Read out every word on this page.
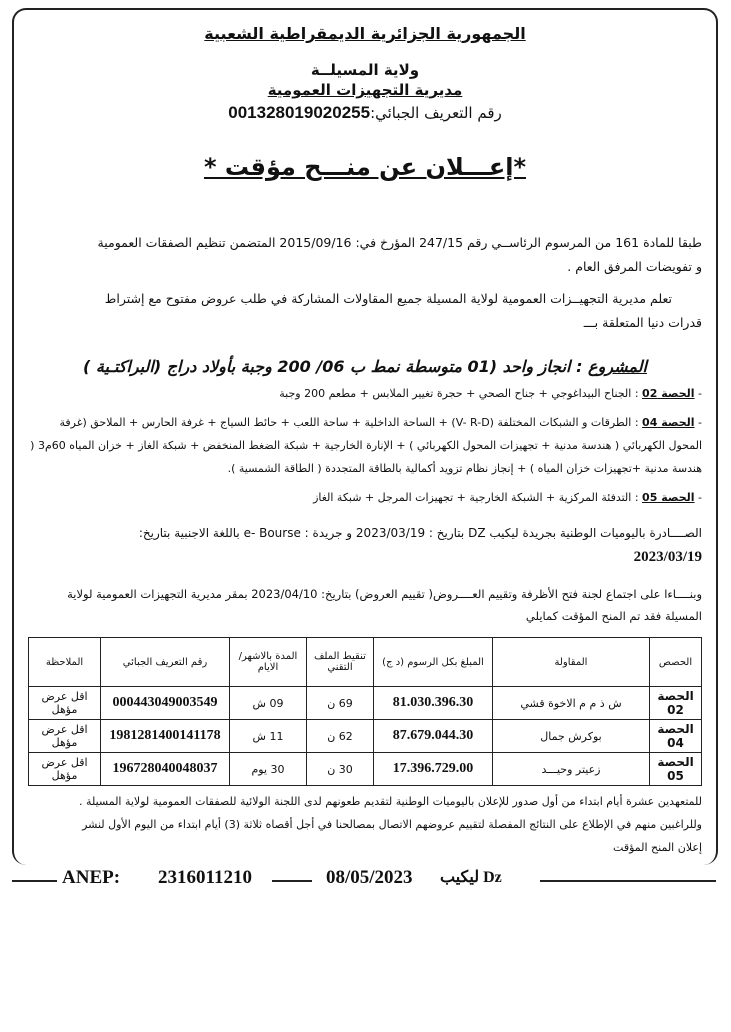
الجمهورية الجزائرية الديمقراطية الشعبية
ولاية المسيلــة
مديرية التجهيزات العمومية
رقم التعريف الجبائي:001328019020255
*إعـــلان عن منـــح مؤقت *
طبقا للمادة 161 من المرسوم الرئاســي رقم 247/15 المؤرخ في: 2015/09/16 المتضمن تنظيم الصفقات العمومية
و تفويضات المرفق العام .
تعلم مديرية التجهيــزات العمومية لولاية المسيلة جميع المقاولات المشاركة في طلب عروض مفتوح مع إشتراط
قدرات دنيا المتعلقة بـــ
المشروع : انجاز واحد (01 متوسطة نمط ب 06/ 200 وجبة بأولاد دراج (البراكتـية )
- الحصة 02 : الجناح البيداغوجي + جناح الصحي + حجرة تغيير الملابس + مطعم 200 وجبة
- الحصة 04 : الطرقات و الشبكات المختلفة (V- R-D) + الساحة الداخلية + ساحة اللعب + حائط السياج + غرفة الحارس + الملاحق (غرفة المحول الكهربائي ( هندسة مدنية + تجهيزات المحول الكهربائي ) + الإنارة الخارجية + شبكة الضغط المنخفض + شبكة الغاز + خزان المياه 60م3 ( هندسة مدنية +تجهيزات خزان المياه ) + إنجاز نظام تزويد أكمالية بالطاقة المتجددة ( الطاقة الشمسية ).
- الحصة 05 : التدفئة المركزية + الشبكة الخارجية + تجهيزات المرجل + شبكة الغاز
الصــــادرة باليوميات الوطنية بجريدة ليكيب DZ بتاريخ : 2023/03/19 و جريدة : e- Bourse باللغة الاجنبية بتاريخ:
2023/03/19
وبنــــاءا على اجتماع لجنة فتح الأظرفة وتقييم العــــروض( تقييم العروض) بتاريخ: 2023/04/10 بمقر مديرية التجهيزات العمومية لولاية
المسيلة فقد تم المنح المؤقت كمايلي
الحصص	المقاولة	المبلغ بكل الرسوم (د ج)	تنقيط الملف التقني	المدة بالاشهر/ الايام	رقم التعريف الجبائي	الملاحظة
الحصة 02	ش ذ م م الاخوة قشي	81.030.396.30	69 ن	09 ش	000443049003549	اقل عرض مؤهل
الحصة 04	بوكرش جمال	87.679.044.30	62 ن	11 ش	1981281400141178	اقل عرض مؤهل
الحصة 05	زعيتر وحيـــد	17.396.729.00	30 ن	30 يوم	196728040048037	اقل عرض مؤهل
للمتعهدين عشرة أيام ابتداء من أول صدور للإعلان باليوميات الوطنية لتقديم طعونهم لدى اللجنة الولائية للصفقات العمومية لولاية المسيلة .
وللراغبين منهم في الإطلاع على النتائج المفصلة لتقييم عروضهم الاتصال بمصالحنا في أجل أقصاه ثلاثة (3) أيام ابتداء من اليوم الأول لنشر
إعلان المنح المؤقت
ANEP: 2316011210	08/05/2023 Dz ليكيب
